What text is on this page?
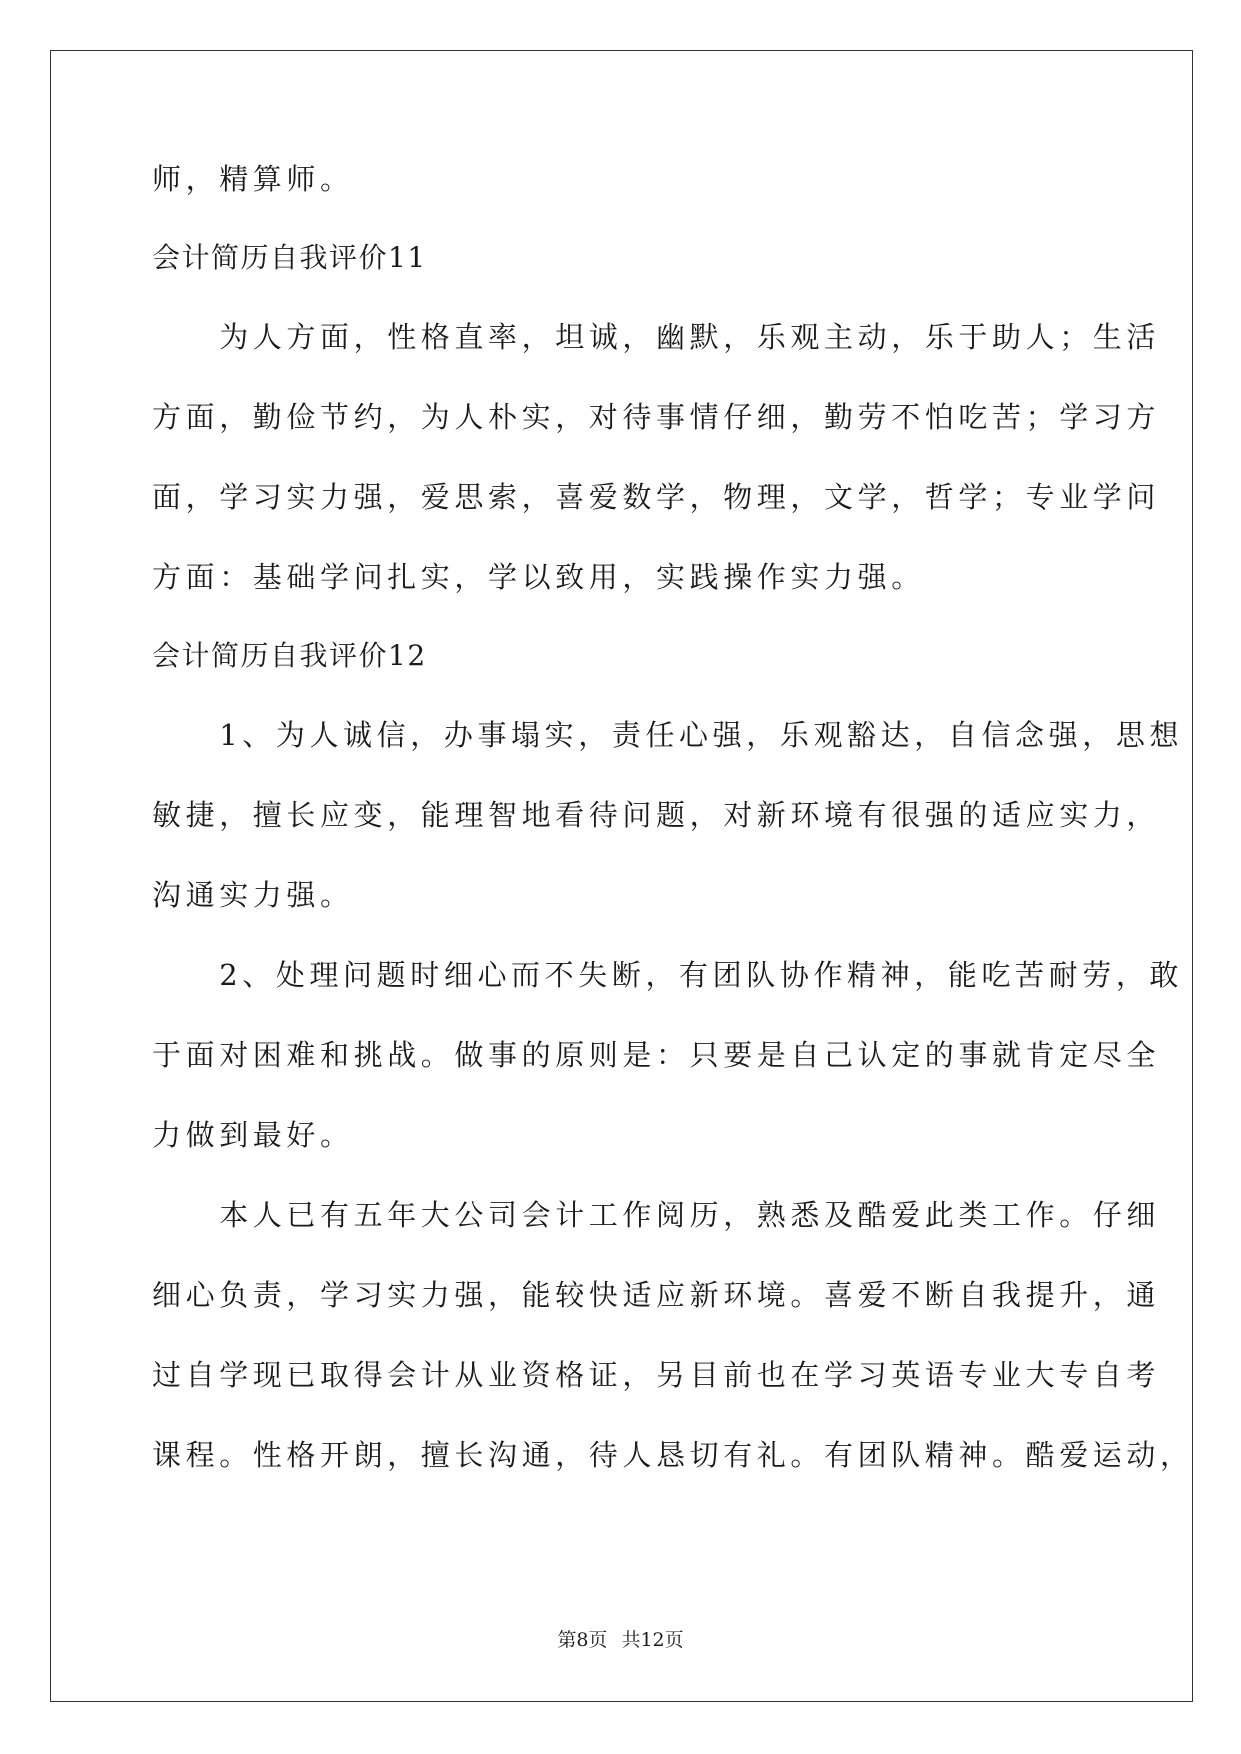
师，精算师。
会计简历自我评价11
　　为人方面，性格直率，坦诚，幽默，乐观主动，乐于助人；生活
方面，勤俭节约，为人朴实，对待事情仔细，勤劳不怕吃苦；学习方
面，学习实力强，爱思索，喜爱数学，物理，文学，哲学；专业学问
方面：基础学问扎实，学以致用，实践操作实力强。
会计简历自我评价12
　　1、为人诚信，办事塌实，责任心强，乐观豁达，自信念强，思想
敏捷，擅长应变，能理智地看待问题，对新环境有很强的适应实力，
沟通实力强。
　　2、处理问题时细心而不失断，有团队协作精神，能吃苦耐劳，敢
于面对困难和挑战。做事的原则是：只要是自己认定的事就肯定尽全
力做到最好。
　　本人已有五年大公司会计工作阅历，熟悉及酷爱此类工作。仔细
细心负责，学习实力强，能较快适应新环境。喜爱不断自我提升，通
过自学现已取得会计从业资格证，另目前也在学习英语专业大专自考
课程。性格开朗，擅长沟通，待人恳切有礼。有团队精神。酷爱运动，
第8页 共12页
